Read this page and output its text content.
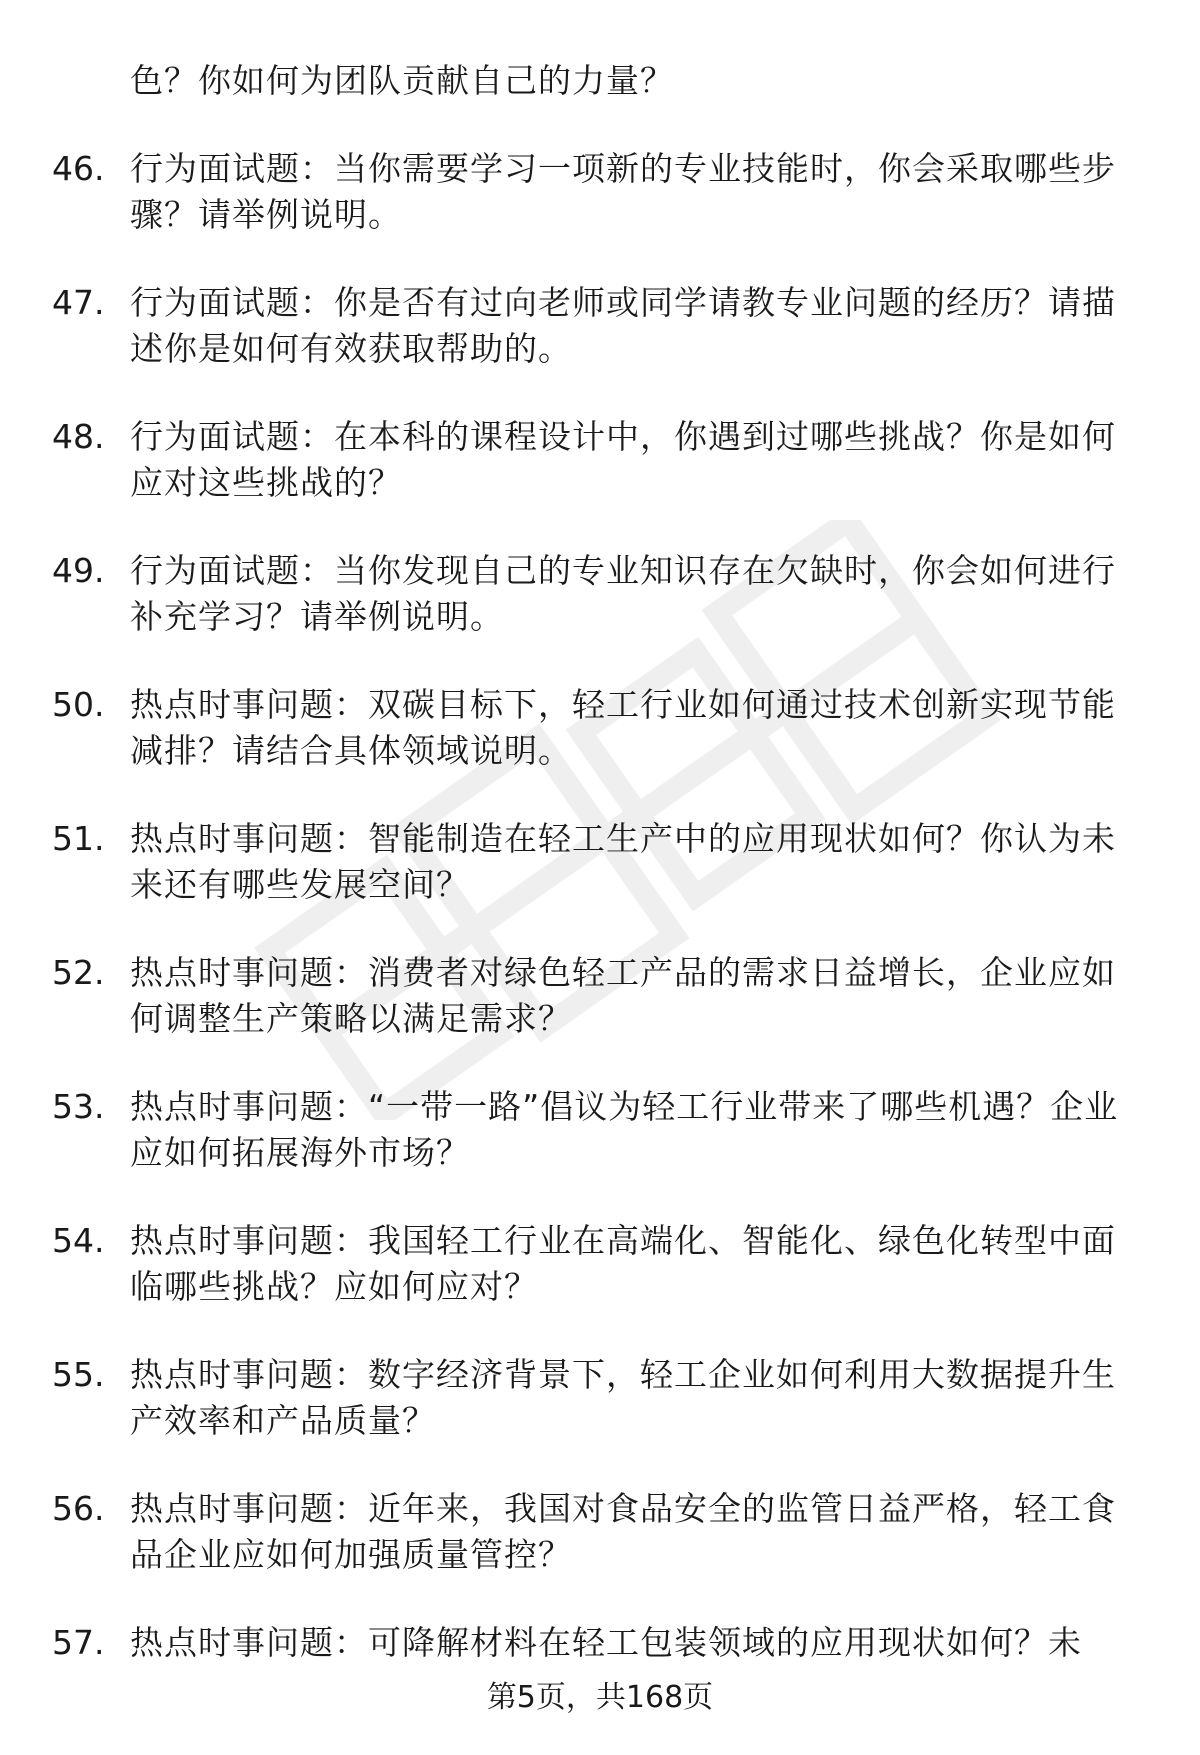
色？你如何为团队贡献自己的力量？
46. 行为面试题：当你需要学习一项新的专业技能时，你会采取哪些步骤？请举例说明。
47. 行为面试题：你是否有过向老师或同学请教专业问题的经历？请描述你是如何有效获取帮助的。
48. 行为面试题：在本科的课程设计中，你遇到过哪些挑战？你是如何应对这些挑战的？
49. 行为面试题：当你发现自己的专业知识存在欠缺时，你会如何进行补充学习？请举例说明。
50. 热点时事问题：双碳目标下，轻工行业如何通过技术创新实现节能减排？请结合具体领域说明。
51. 热点时事问题：智能制造在轻工生产中的应用现状如何？你认为未来还有哪些发展空间？
52. 热点时事问题：消费者对绿色轻工产品的需求日益增长，企业应如何调整生产策略以满足需求？
53. 热点时事问题：“一带一路”倡议为轻工行业带来了哪些机遇？企业应如何拓展海外市场？
54. 热点时事问题：我国轻工行业在高端化、智能化、绿色化转型中面临哪些挑战？应如何应对？
55. 热点时事问题：数字经济背景下，轻工企业如何利用大数据提升生产效率和产品质量？
56. 热点时事问题：近年来，我国对食品安全的监管日益严格，轻工食品企业应如何加强质量管控？
57. 热点时事问题：可降解材料在轻工包装领域的应用现状如何？未
第5页，共168页
